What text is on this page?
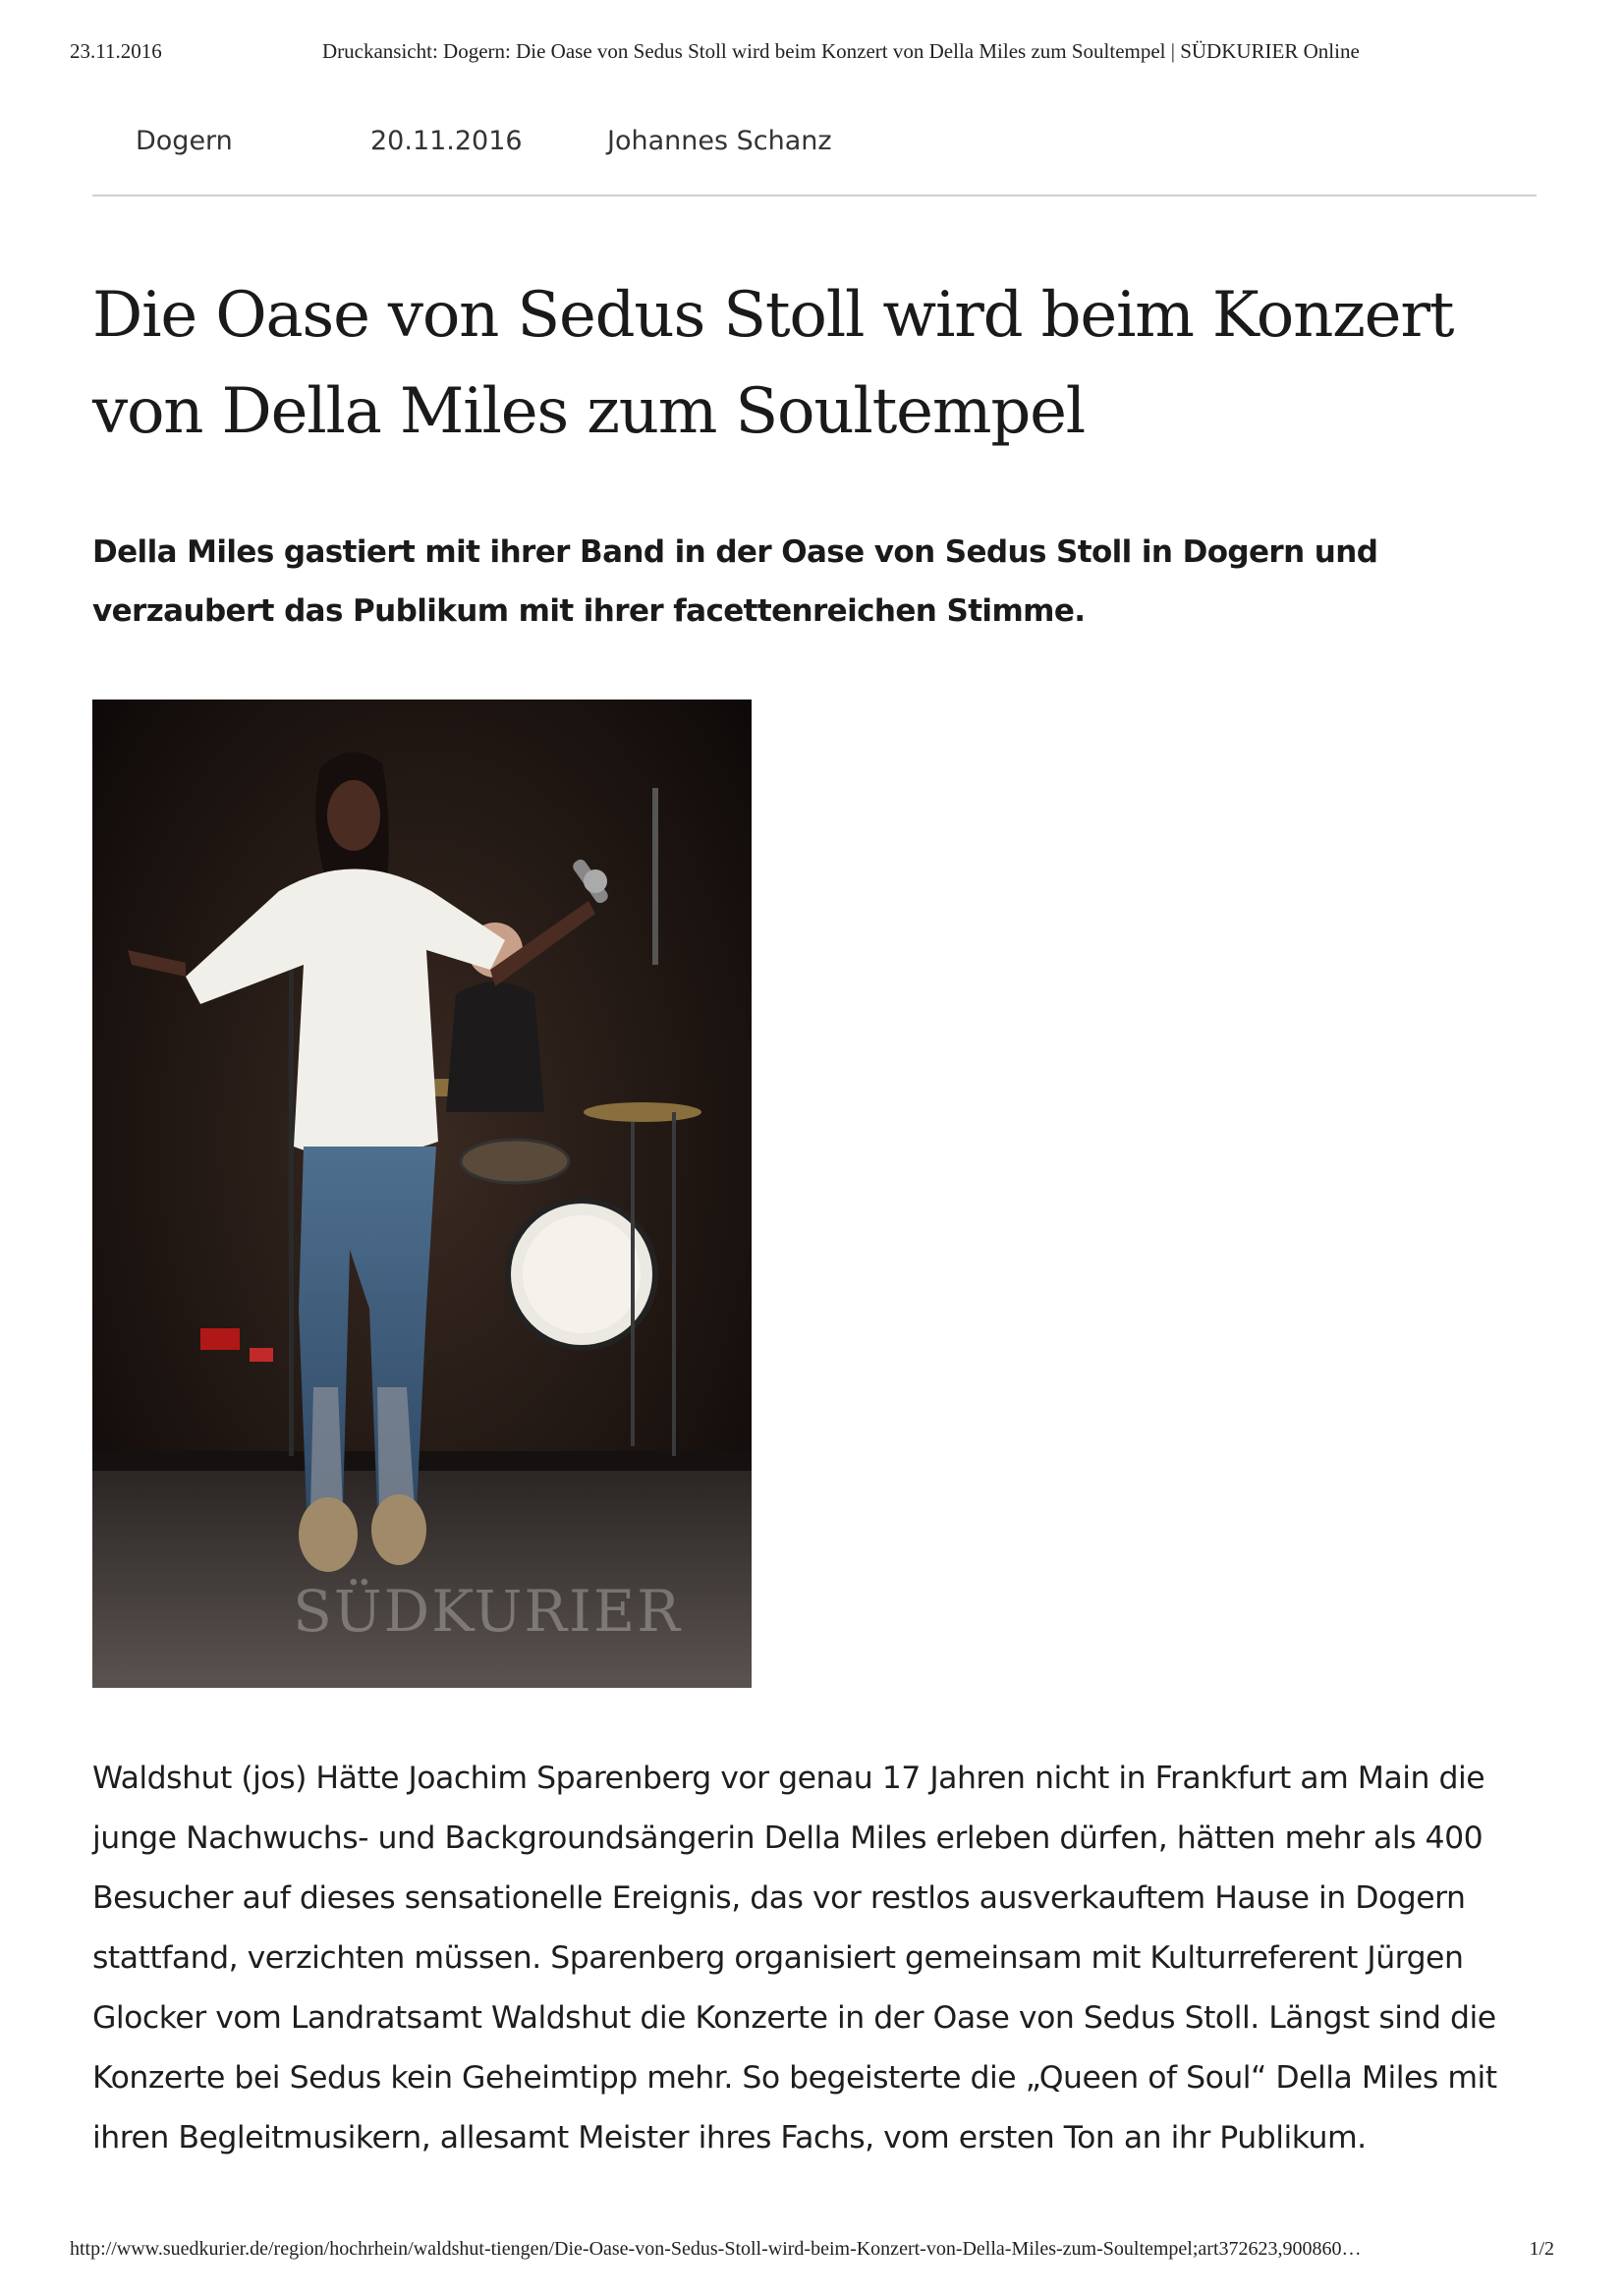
23.11.2016	Druckansicht: Dogern: Die Oase von Sedus Stoll wird beim Konzert von Della Miles zum Soultempel | SÜDKURIER Online
Dogern	20.11.2016	Johannes Schanz
Die Oase von Sedus Stoll wird beim Konzert von Della Miles zum Soultempel

Della Miles gastiert mit ihrer Band in der Oase von Sedus Stoll in Dogern und verzaubert das Publikum mit ihrer facettenreichen Stimme.

SÜDKURIER

Waldshut (jos) Hätte Joachim Sparenberg vor genau 17 Jahren nicht in Frankfurt am Main die junge Nachwuchs- und Backgroundsängerin Della Miles erleben dürfen, hätten mehr als 400 Besucher auf dieses sensationelle Ereignis, das vor restlos ausverkauftem Hause in Dogern stattfand, verzichten müssen. Sparenberg organisiert gemeinsam mit Kulturreferent Jürgen Glocker vom Landratsamt Waldshut die Konzerte in der Oase von Sedus Stoll. Längst sind die Konzerte bei Sedus kein Geheimtipp mehr. So begeisterte die „Queen of Soul“ Della Miles mit ihren Begleitmusikern, allesamt Meister ihres Fachs, vom ersten Ton an ihr Publikum.

http://www.suedkurier.de/region/hochrhein/waldshut-tiengen/Die-Oase-von-Sedus-Stoll-wird-beim-Konzert-von-Della-Miles-zum-Soultempel;art372623,900860…	1/2
